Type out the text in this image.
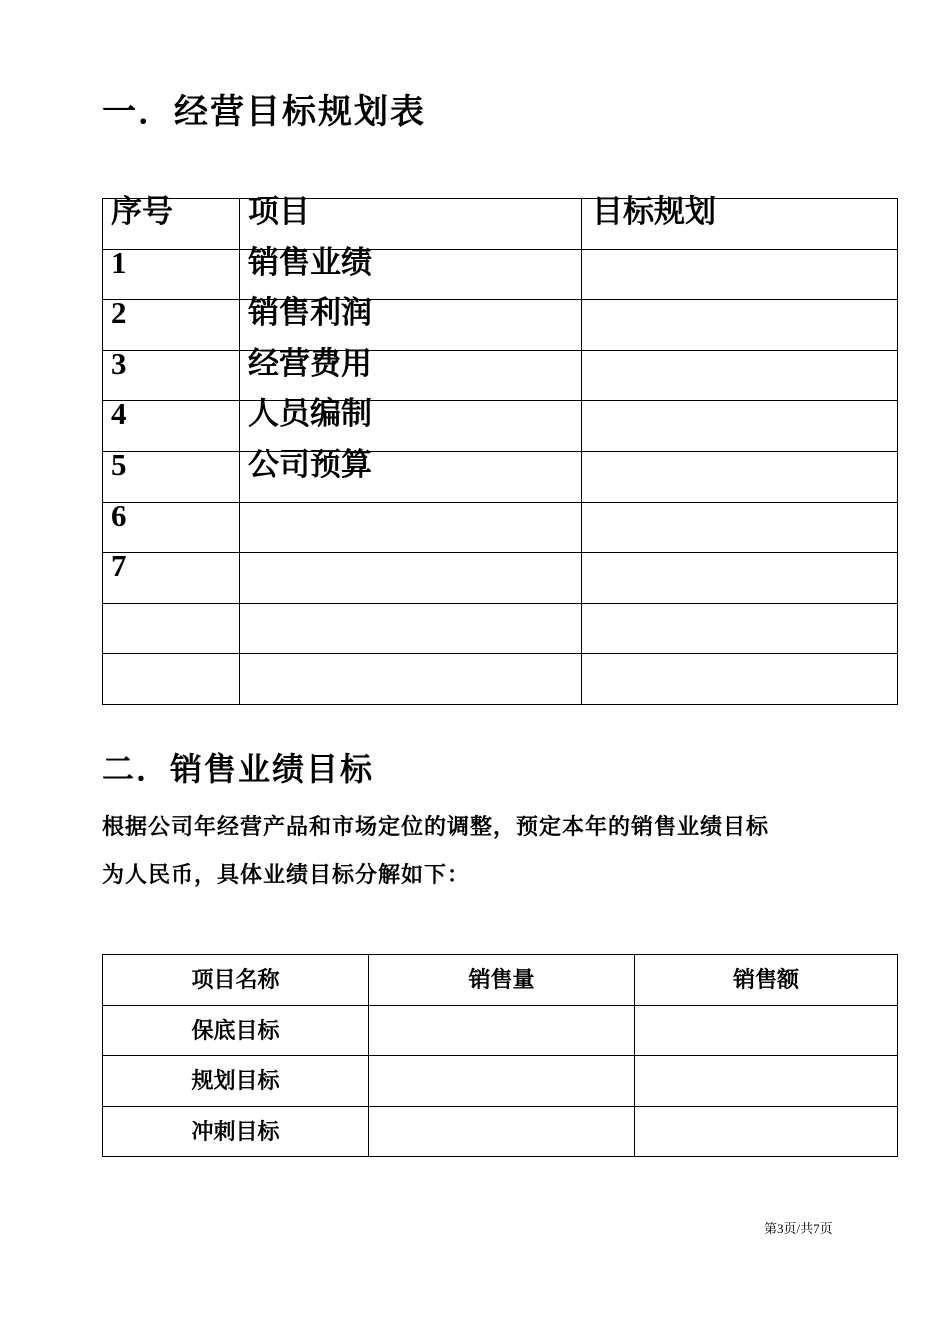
一．经营目标规划表
序号	项目	目标规划

1	销售业绩	

2	销售利润	

3	经营费用	

4	人员编制	

5	公司预算	

6		

7		

二．销售业绩目标
根据公司年经营产品和市场定位的调整，预定本年的销售业绩目标
为人民币，具体业绩目标分解如下：
项目名称	销售量	销售额

保底目标		

规划目标		

冲刺目标		

第3页/共7页
